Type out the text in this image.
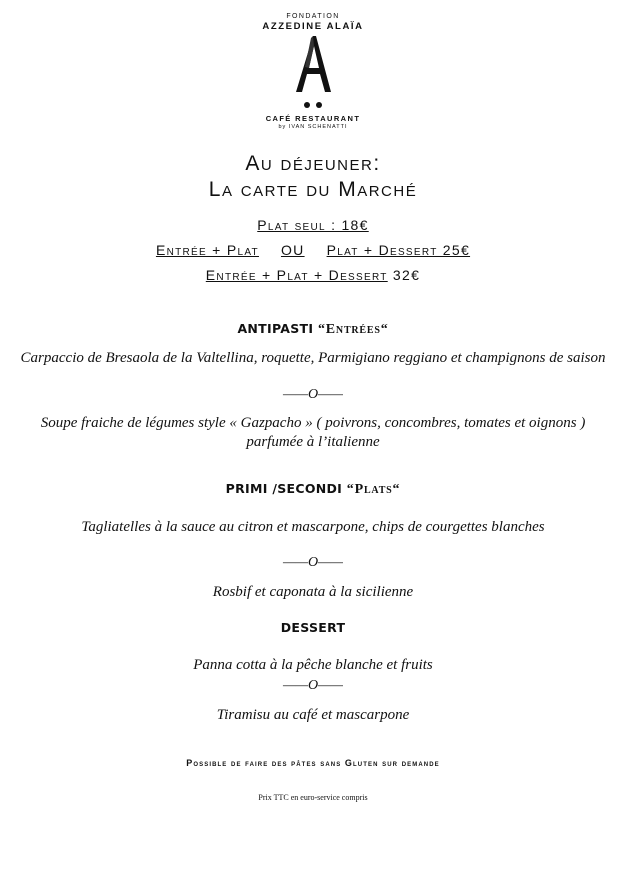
FONDATION
AZZEDINE ALAÏA
CAFÉ RESTAURANT
by IVAN SCHENATTI
Au déjeuner:
La carte du Marché
Plat seul : 18€
Entrée + Plat OU Plat + Dessert 25€
Entrée + Plat + Dessert 32€
ANTIPASTI “Entrées“
Carpaccio de Bresaola de la Valtellina, roquette, Parmigiano reggiano et champignons de saison
——O——
Soupe fraiche de légumes style « Gazpacho » ( poivrons, concombres, tomates et oignons ) parfumée à l’italienne
PRIMI /SECONDI “Plats“
Tagliatelles à la sauce au citron et mascarpone, chips de courgettes blanches
——O——
Rosbif et caponata à la sicilienne
DESSERT
Panna cotta à la pêche blanche et fruits
——O——
Tiramisu au café et mascarpone
Possible de faire des pâtes sans Gluten sur demande
Prix TTC en euro-service compris
